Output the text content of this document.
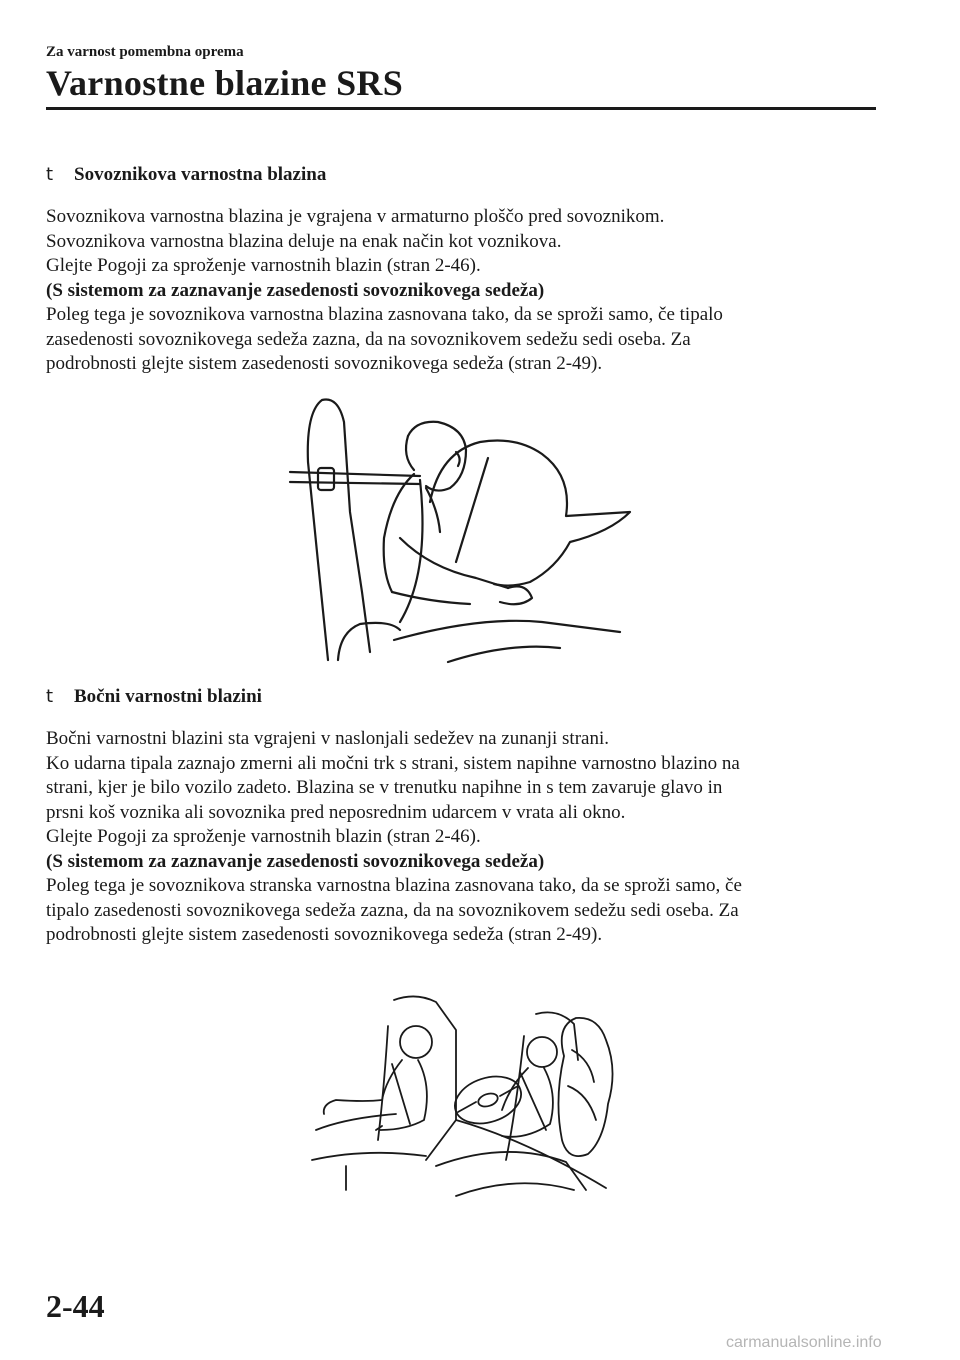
Za varnost pomembna oprema
Varnostne blazine SRS
t Sovoznikova varnostna blazina
Sovoznikova varnostna blazina je vgrajena v armaturno ploščo pred sovoznikom.
Sovoznikova varnostna blazina deluje na enak način kot voznikova.
Glejte Pogoji za sproženje varnostnih blazin (stran 2-46).
(S sistemom za zaznavanje zasedenosti sovoznikovega sedeža)
Poleg tega je sovoznikova varnostna blazina zasnovana tako, da se sproži samo, če tipalo
zasedenosti sovoznikovega sedeža zazna, da na sovoznikovem sedežu sedi oseba. Za
podrobnosti glejte sistem zasedenosti sovoznikovega sedeža (stran 2-49).
t Bočni varnostni blazini
Bočni varnostni blazini sta vgrajeni v naslonjali sedežev na zunanji strani.
Ko udarna tipala zaznajo zmerni ali močni trk s strani, sistem napihne varnostno blazino na
strani, kjer je bilo vozilo zadeto. Blazina se v trenutku napihne in s tem zavaruje glavo in
prsni koš voznika ali sovoznika pred neposrednim udarcem v vrata ali okno.
Glejte Pogoji za sproženje varnostnih blazin (stran 2-46).
(S sistemom za zaznavanje zasedenosti sovoznikovega sedeža)
Poleg tega je sovoznikova stranska varnostna blazina zasnovana tako, da se sproži samo, če
tipalo zasedenosti sovoznikovega sedeža zazna, da na sovoznikovem sedežu sedi oseba. Za
podrobnosti glejte sistem zasedenosti sovoznikovega sedeža (stran 2-49).
2-44
carmanualsonline.info
